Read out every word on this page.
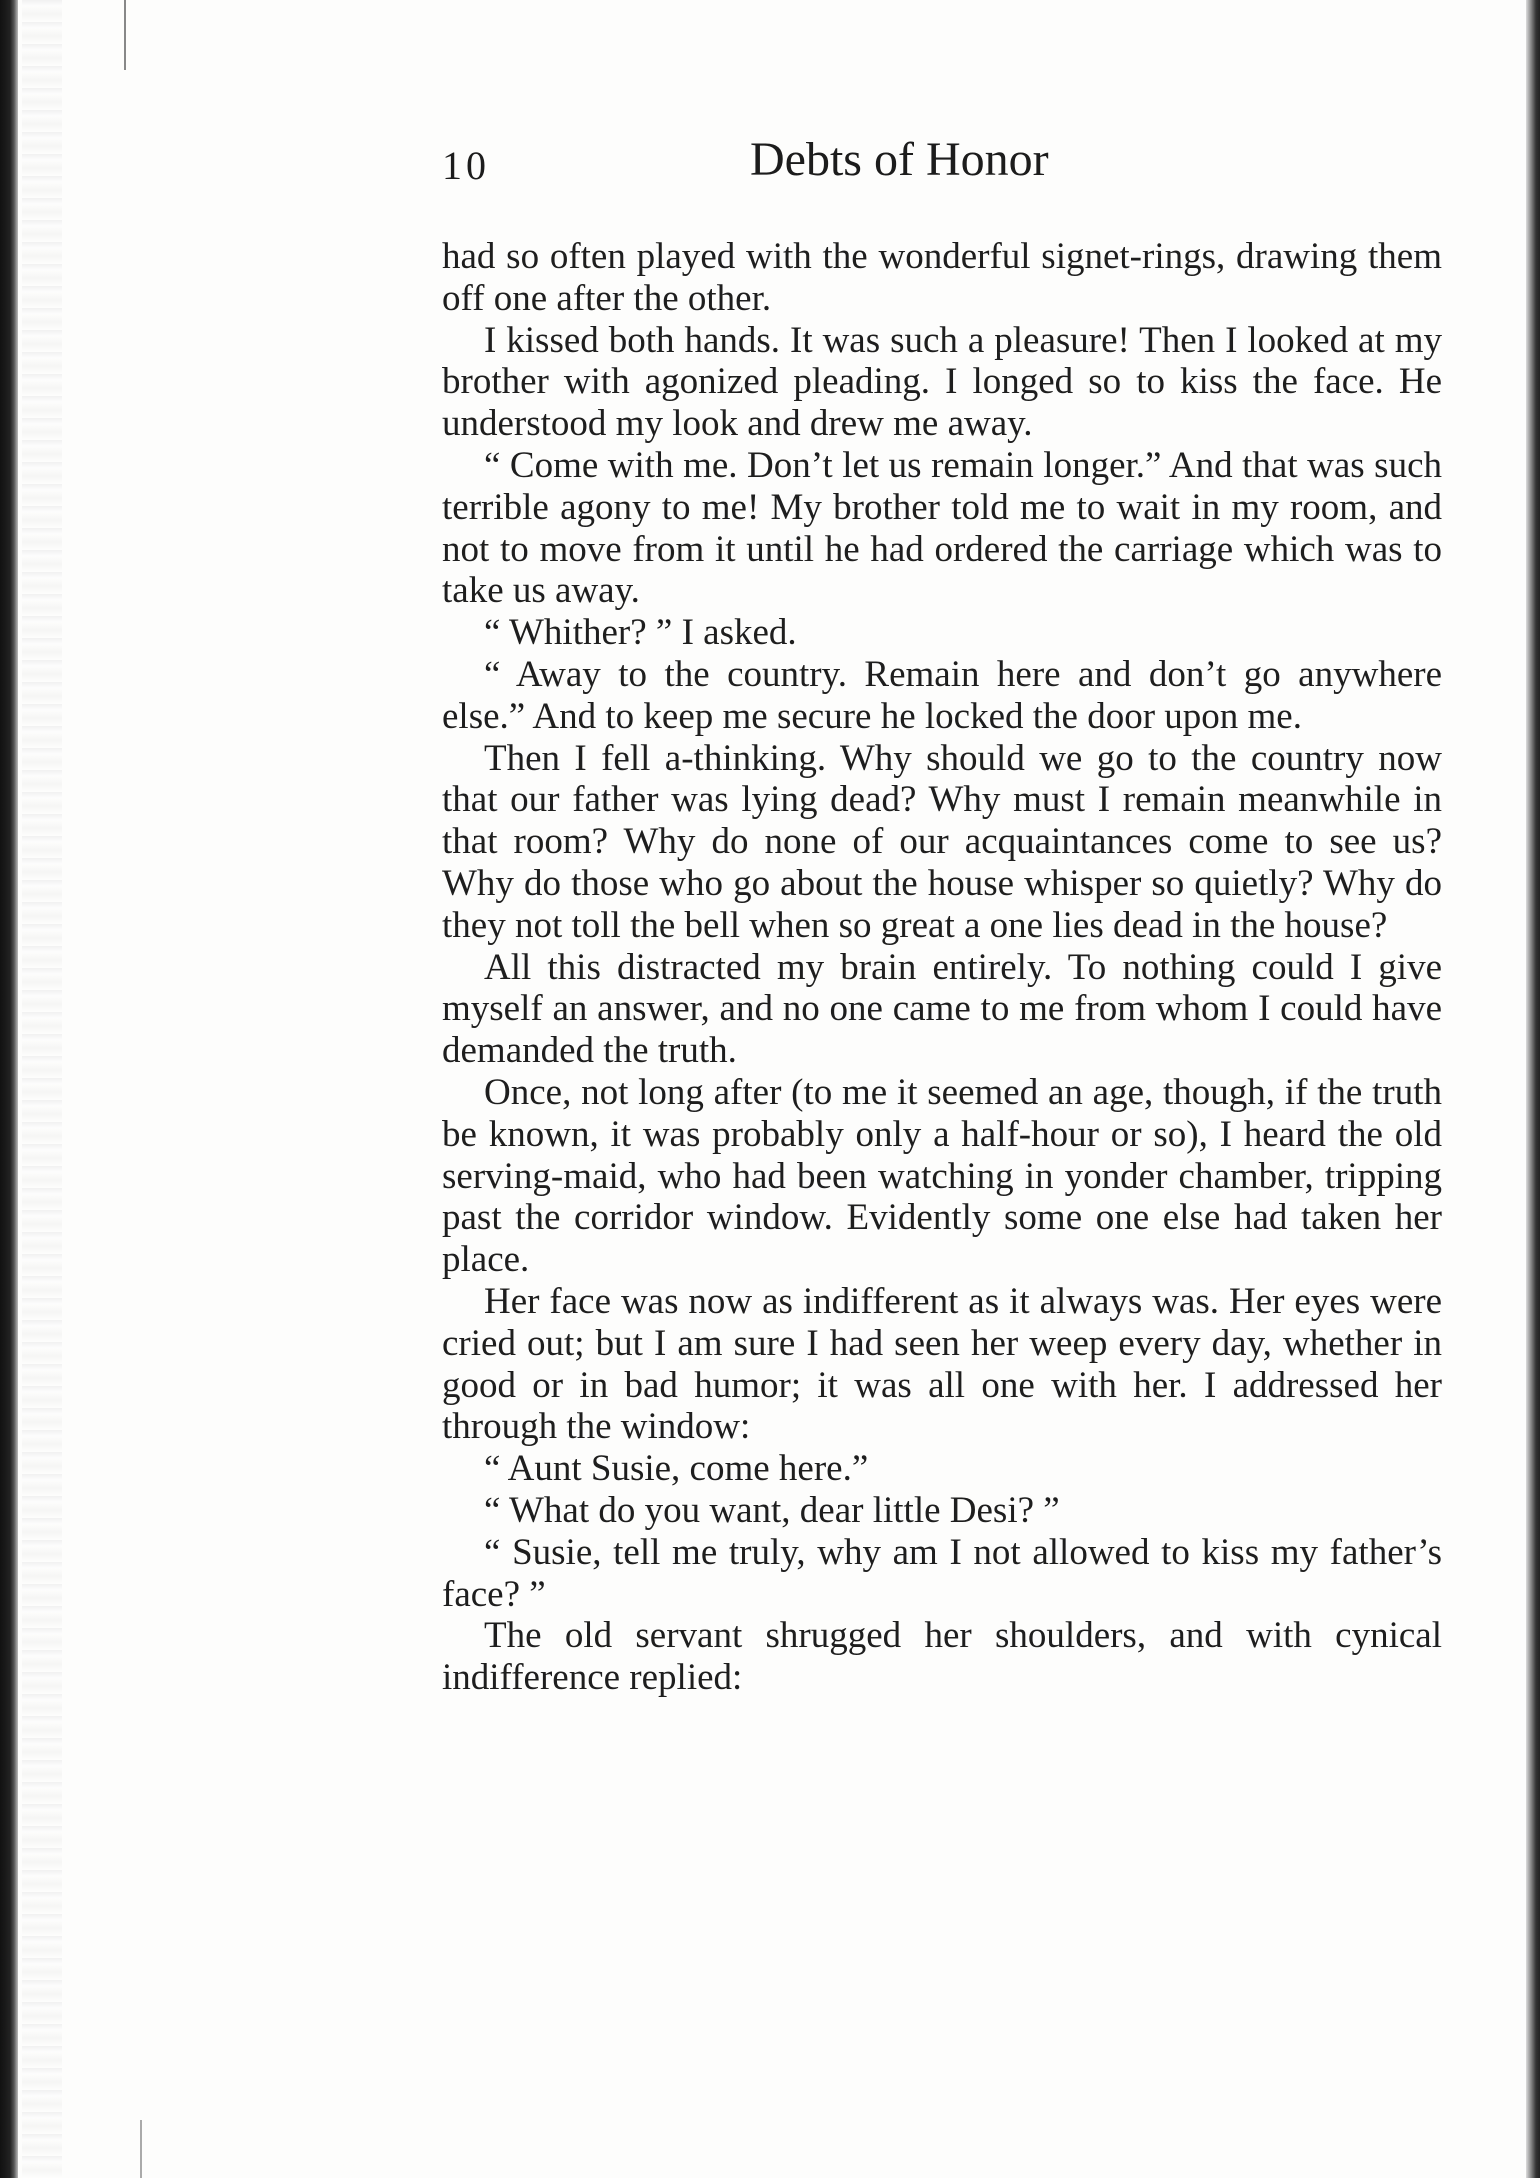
10	Debts of Honor

had so often played with the wonderful signet-rings, drawing them off one after the other.

I kissed both hands. It was such a pleasure! Then I looked at my brother with agonized pleading. I longed so to kiss the face. He understood my look and drew me away.

“ Come with me. Don’t let us remain longer.” And that was such terrible agony to me! My brother told me to wait in my room, and not to move from it until he had ordered the carriage which was to take us away.

“ Whither? ” I asked.

“ Away to the country. Remain here and don’t go anywhere else.” And to keep me secure he locked the door upon me.

Then I fell a-thinking. Why should we go to the country now that our father was lying dead? Why must I remain meanwhile in that room? Why do none of our acquaintances come to see us? Why do those who go about the house whisper so quietly? Why do they not toll the bell when so great a one lies dead in the house?

All this distracted my brain entirely. To nothing could I give myself an answer, and no one came to me from whom I could have demanded the truth.

Once, not long after (to me it seemed an age, though, if the truth be known, it was probably only a half-hour or so), I heard the old serving-maid, who had been watching in yonder chamber, tripping past the corridor window. Evidently some one else had taken her place.

Her face was now as indifferent as it always was. Her eyes were cried out; but I am sure I had seen her weep every day, whether in good or in bad humor; it was all one with her. I addressed her through the window:

“ Aunt Susie, come here.”

“ What do you want, dear little Desi? ”

“ Susie, tell me truly, why am I not allowed to kiss my father’s face? ”

The old servant shrugged her shoulders, and with cynical indifference replied:
